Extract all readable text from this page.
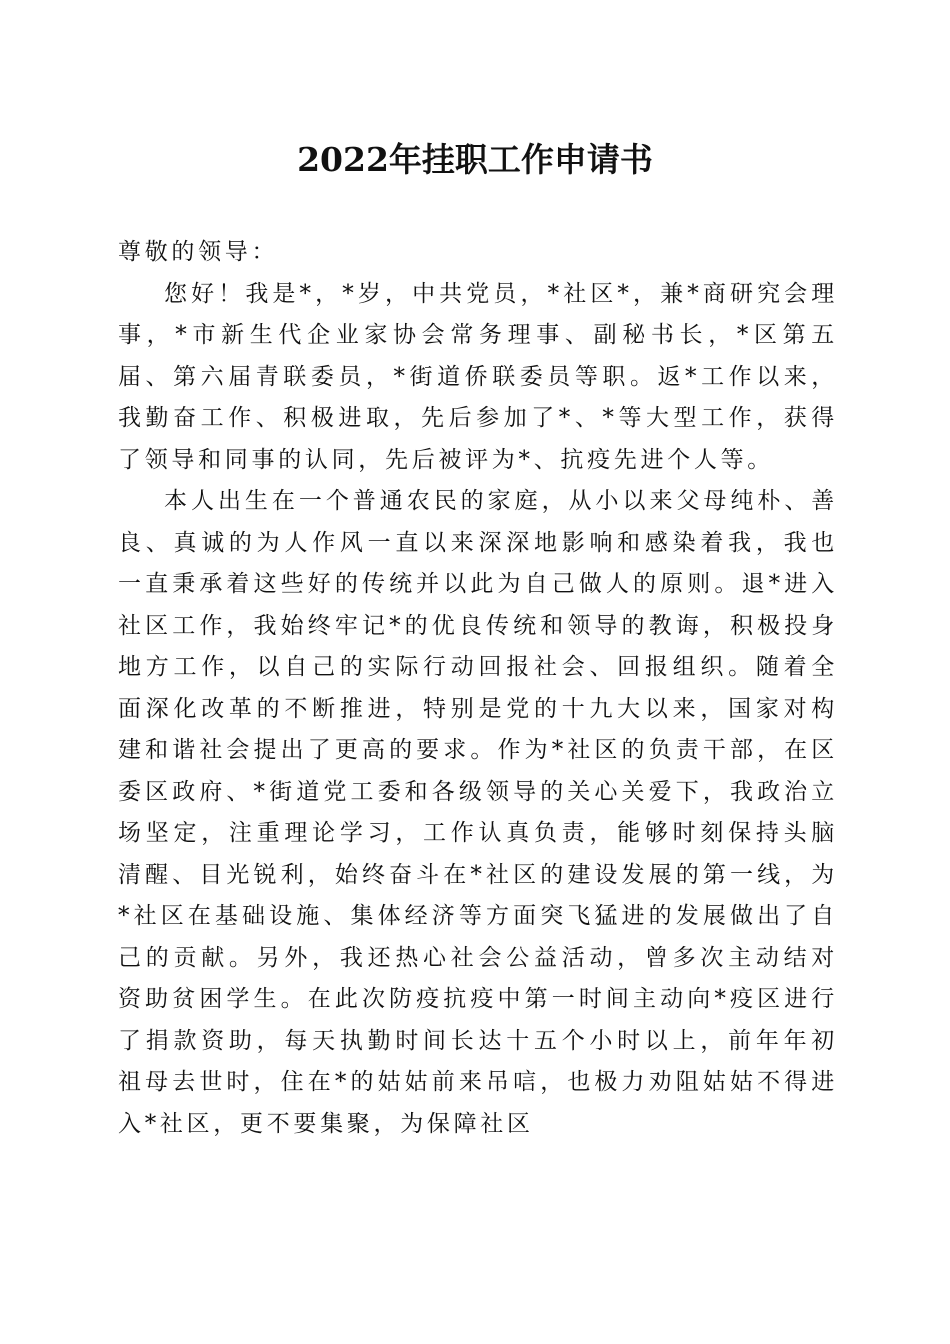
2022年挂职工作申请书

尊敬的领导：

您好！我是*，*岁，中共党员，*社区*，兼*商研究会理事，*市新生代企业家协会常务理事、副秘书长，*区第五届、第六届青联委员，*街道侨联委员等职。返*工作以来，我勤奋工作、积极进取，先后参加了*、*等大型工作，获得了领导和同事的认同，先后被评为*、抗疫先进个人等。

本人出生在一个普通农民的家庭，从小以来父母纯朴、善良、真诚的为人作风一直以来深深地影响和感染着我，我也一直秉承着这些好的传统并以此为自己做人的原则。退*进入社区工作，我始终牢记*的优良传统和领导的教诲，积极投身地方工作，以自己的实际行动回报社会、回报组织。随着全面深化改革的不断推进，特别是党的十九大以来，国家对构建和谐社会提出了更高的要求。作为*社区的负责干部，在区委区政府、*街道党工委和各级领导的关心关爱下，我政治立场坚定，注重理论学习，工作认真负责，能够时刻保持头脑清醒、目光锐利，始终奋斗在*社区的建设发展的第一线，为*社区在基础设施、集体经济等方面突飞猛进的发展做出了自己的贡献。另外，我还热心社会公益活动，曾多次主动结对资助贫困学生。在此次防疫抗疫中第一时间主动向*疫区进行了捐款资助，每天执勤时间长达十五个小时以上，前年年初祖母去世时，住在*的姑姑前来吊唁，也极力劝阻姑姑不得进入*社区，更不要集聚，为保障社区
